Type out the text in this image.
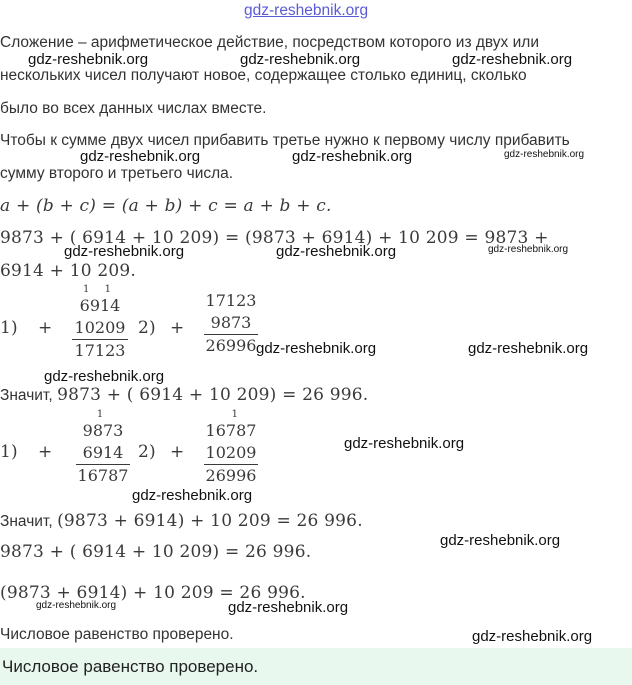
gdz-reshebnik.org
Сложение – арифметическое действие, посредством которого из двух или
нескольких чисел получают новое, содержащее столько единиц, сколько
было во всех данных числах вместе.
Чтобы к сумме двух чисел прибавить третье нужно к первому числу прибавить
сумму второго и третьего числа.
a + (b + c) = (a + b) + c = a + b + c.
9873 + ( 6914 + 10 209) = (9873 + 6914) + 10 209 = 9873 +
6914 + 10 209.
1) +
1 1
6914
10209
17123
2) +
17123
9873
26996
Значит, 9873 + ( 6914 + 10 209) = 26 996.
1) +
1
9873
6914
16787
2) +
1
16787
10209
26996
Значит, (9873 + 6914) + 10 209 = 26 996.
9873 + ( 6914 + 10 209) = 26 996.
(9873 + 6914) + 10 209 = 26 996.
Числовое равенство проверено.
Числовое равенство проверено.
gdz-reshebnik.org	gdz-reshebnik.org	gdz-reshebnik.org
gdz-reshebnik.org	gdz-reshebnik.org	gdz-reshebnik.org
gdz-reshebnik.org	gdz-reshebnik.org	gdz-reshebnik.org
gdz-reshebnik.org	gdz-reshebnik.org
gdz-reshebnik.org
gdz-reshebnik.org
gdz-reshebnik.org
gdz-reshebnik.org
gdz-reshebnik.org	gdz-reshebnik.org
gdz-reshebnik.org
